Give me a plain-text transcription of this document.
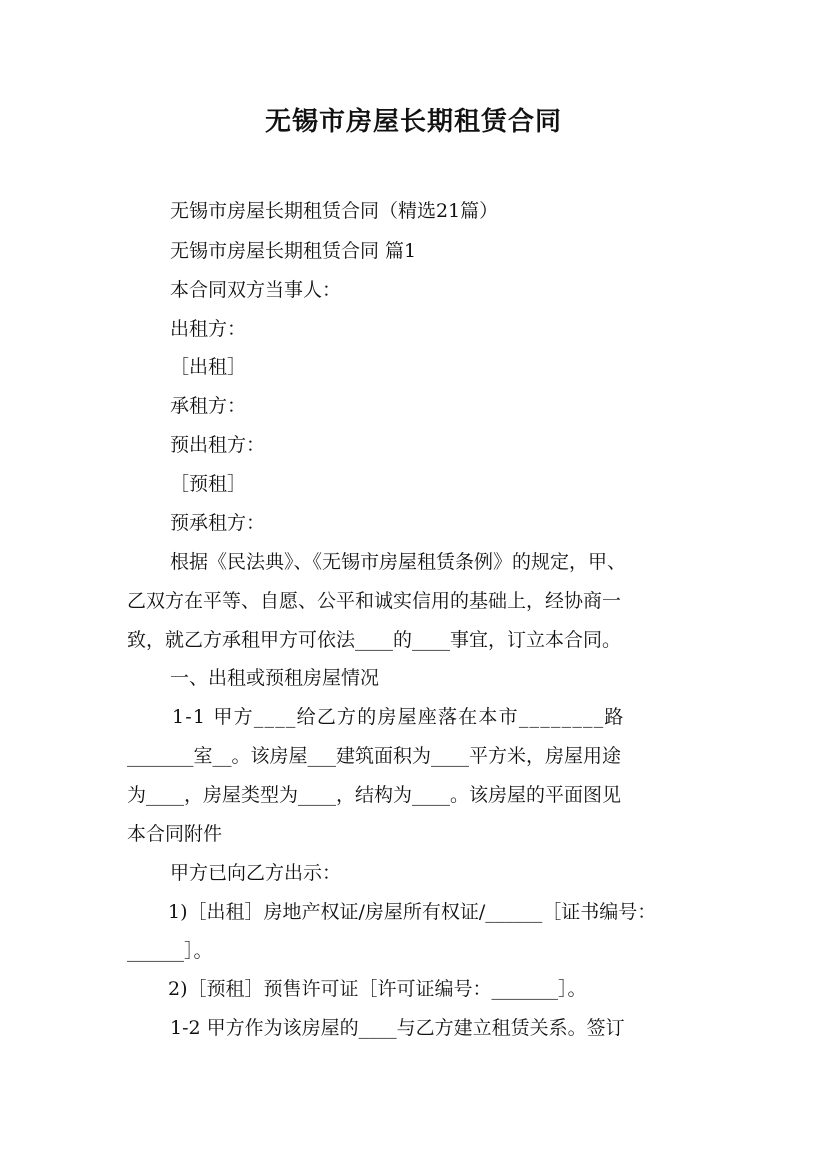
无锡市房屋长期租赁合同

无锡市房屋长期租赁合同（精选21篇）

无锡市房屋长期租赁合同 篇1

本合同双方当事人：

出租方：

［出租］

承租方：

预出租方：

［预租］

预承租方：

根据《民法典》、《无锡市房屋租赁条例》的规定，甲、

乙双方在平等、自愿、公平和诚实信用的基础上，经协商一

致，就乙方承租甲方可依法____的____事宜，订立本合同。

一、出租或预租房屋情况

1-1 甲方____给乙方的房屋座落在本市________路

_______室__。该房屋___建筑面积为____平方米，房屋用途

为____，房屋类型为____，结构为____。该房屋的平面图见

本合同附件

甲方已向乙方出示：

1)［出租］房地产权证/房屋所有权证/______［证书编号：

______］。

2)［预租］预售许可证［许可证编号：_______］。

1-2 甲方作为该房屋的____与乙方建立租赁关系。签订
